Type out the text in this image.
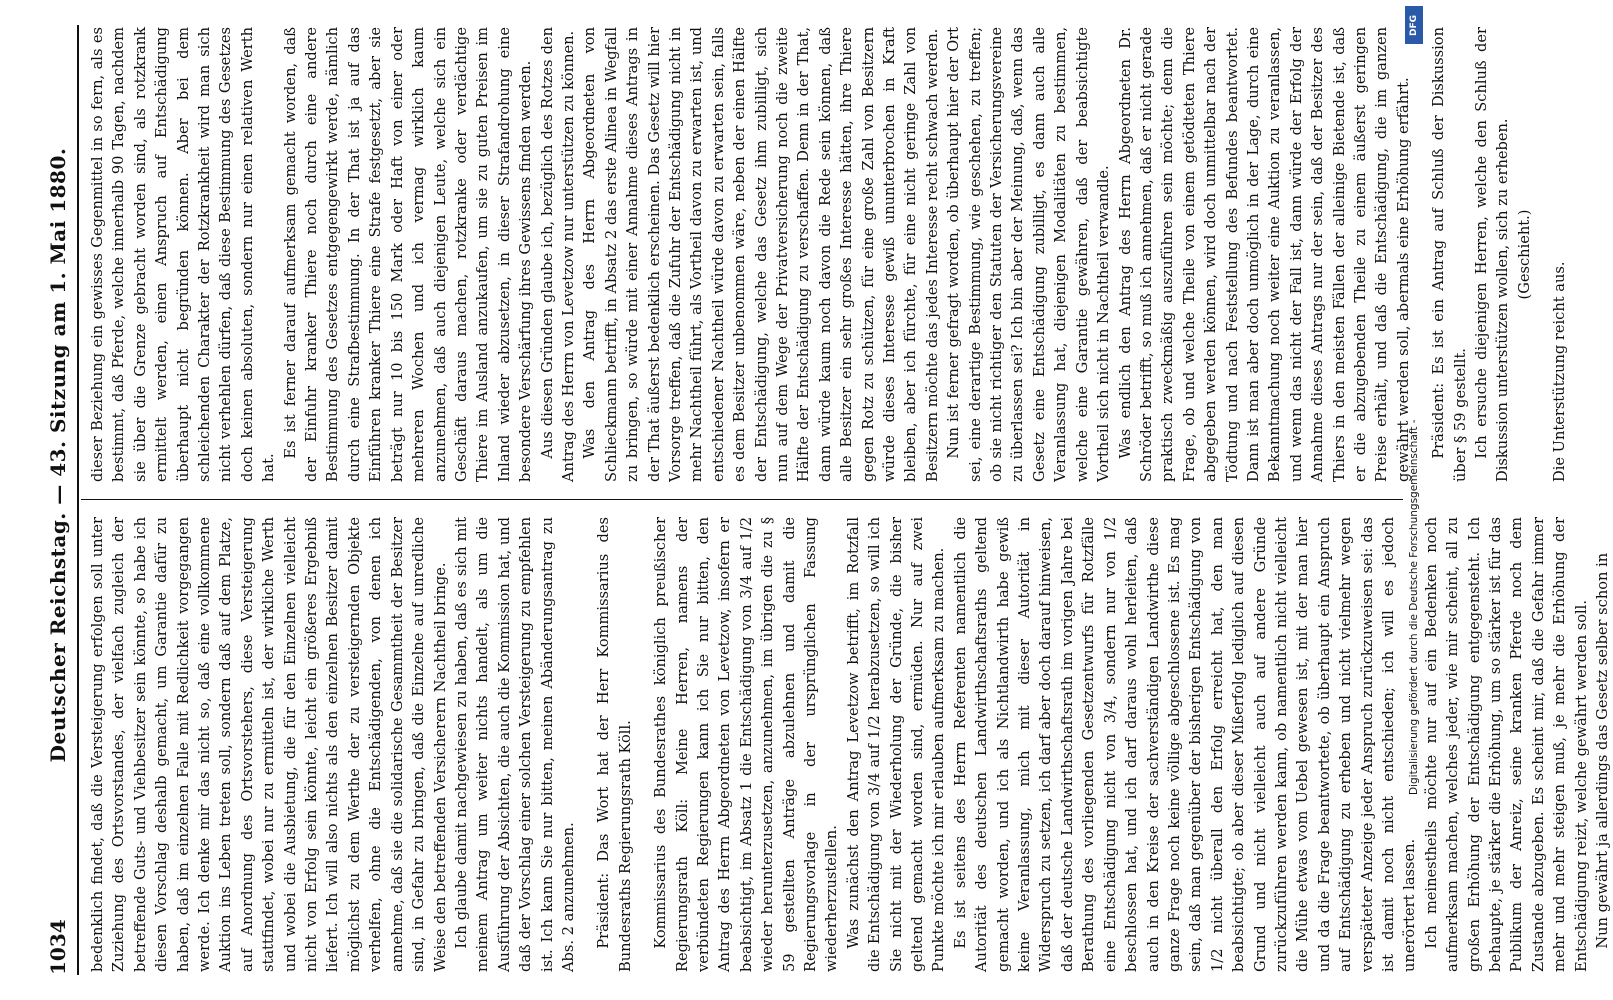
1034
Deutscher Reichstag. — 43. Sitzung am 1. Mai 1880. bedenklich findet, daß die Versteigerung erfolgen soll unter Zuziehung des Ortsvorstandes, der vielfach zugleich der betreffende Guts- und Viehbesitzer sein könnte, so habe ich diesen Vorschlag deshalb gemacht, um Garantie dafür zu haben, daß im einzelnen Falle mit Redlichkeit vorgegangen werde. Ich denke mir das nicht so, daß eine vollkommene Auktion ins Leben treten soll, sondern daß auf dem Platze, auf Anordnung des Ortsvorstehers, diese Versteigerung stattfindet, wobei nur zu ermitteln ist, der wirkliche Werth und wobei die Ausbietung, die für den Einzelnen vielleicht nicht von Erfolg sein könnte, leicht ein größeres Ergebniß liefert. Ich will also nichts als den einzelnen Besitzer damit möglichst zu dem Werthe der zu versteigernden Objekte verhelfen, ohne die Entschädigenden, von denen ich annehme, daß sie die solidarische Gesammtheit der Besitzer sind, in Gefahr zu bringen, daß die Einzelne auf unredliche Weise den betreffenden Versicherern Nachtheil bringe. Ich glaube damit nachgewiesen zu haben, daß es sich mit meinem Antrag um weiter nichts handelt, als um die Ausführung der Absichten, die auch die Kommission hat, und daß der Vorschlag einer solchen Versteigerung zu empfehlen ist. Ich kann Sie nur bitten, meinen Abänderungsantrag zu Abs. 2 anzunehmen. Präsident: Das Wort hat der Herr Kommissarius des Bundesraths Regierungsrath Köll. Kommissarius des Bundesrathes königlich preußischer Regierungsrath Köll: Meine Herren, namens der verbündeten Regierungen kann ich Sie nur bitten, den Antrag des Herrn Abgeordneten von Levetzow, insofern er beabsichtigt, im Absatz 1 die Entschädigung von 3/4 auf 1/2 wieder herunterzusetzen, anzunehmen, im übrigen die zu § 59 gestellten Anträge abzulehnen und damit die Regierungsvorlage in der ursprünglichen Fassung wiederherzustellen. Was zunächst den Antrag Levetzow betrifft, im Rotzfall die Entschädigung von 3/4 auf 1/2 herabzusetzen, so will ich Sie nicht mit der Wiederholung der Gründe, die bisher geltend gemacht worden sind, ermüden. Nur auf zwei Punkte möchte ich mir erlauben aufmerksam zu machen. Es ist seitens des Herrn Referenten namentlich die Autorität des deutschen Landwirthschaftsraths geltend gemacht worden, und ich als Nichtlandwirth habe gewiß keine Veranlassung, mich mit dieser Autorität in Widerspruch zu setzen, ich darf aber doch darauf hinweisen, daß der deutsche Landwirthschaftsrath im vorigen Jahre bei Berathung des vorliegenden Gesetzentwurfs für Rotzfälle eine Entschädigung nicht von 3/4, sondern nur von 1/2 beschlossen hat, und ich darf daraus wohl herleiten, daß auch in den Kreise der sachverständigen Landwirthe diese ganze Frage noch keine völlige abgeschlossene ist. Es mag sein, daß man gegenüber der bisherigen Entschädigung von 1/2 nicht überall den Erfolg erreicht hat, den man beabsichtigte; ob aber dieser Mißerfolg lediglich auf diesen Grund und nicht vielleicht auch auf andere Gründe zurückzuführen werden kann, ob namentlich nicht vielleicht die Mühe etwas vom Uebel gewesen ist, mit der man hier und da die Frage beantwortete, ob überhaupt ein Anspruch auf Entschädigung zu erheben und nicht vielmehr wegen verspäteter Anzeige jeder Anspruch zurückzuweisen sei: das ist damit noch nicht entschieden; ich will es jedoch unerörtert lassen. Ich meinestheils möchte nur auf ein Bedenken noch aufmerksam machen, welches jeder, wie mir scheint, all zu großen Erhöhung der Entschädigung entgegensteht. Ich behaupte, je stärker die Erhöhung, um so stärker ist für das Publikum der Anreiz, seine kranken Pferde noch dem Zustande abzugeben. Es scheint mir, daß die Gefahr immer mehr und mehr steigen muß, je mehr die Erhöhung der Entschädigung reizt, welche gewährt werden soll. Nun gewährt ja allerdings das Gesetz selber schon in

dieser Beziehung ein gewisses Gegenmittel in so fern, als es bestimmt, daß Pferde, welche innerhalb 90 Tagen, nachdem sie über die Grenze gebracht worden sind, als rotzkrank ermittelt werden, einen Anspruch auf Entschädigung überhaupt nicht begründen können. Aber bei dem schleichenden Charakter der Rotzkrankheit wird man sich nicht verhehlen dürfen, daß diese Bestimmung des Gesetzes doch keinen absoluten, sondern nur einen relativen Werth hat.

Es ist ferner darauf aufmerksam gemacht worden, daß der Einfuhr kranker Thiere noch durch eine andere Bestimmung des Gesetzes entgegengewirkt werde, nämlich durch eine Strafbestimmung. In der That ist ja auf das Einführen kranker Thiere eine Strafe festgesetzt, aber sie beträgt nur 10 bis 150 Mark oder Haft von einer oder mehreren Wochen und ich vermag wirklich kaum anzunehmen, daß auch diejenigen Leute, welche sich ein Geschäft daraus machen, rotzkranke oder verdächtige Thiere im Ausland anzukaufen, um sie zu guten Preisen im Inland wieder abzusetzen, in dieser Strafandrohung eine besondere Verschärfung ihres Gewissens finden werden. Aus diesen Gründen glaube ich, bezüglich des Rotzes den Antrag des Herrn von Levetzow nur unterstützen zu können. Was den Antrag des Herrn Abgeordneten von Schlieckmann betrifft, in Absatz 2 das erste Alinea in Wegfall zu bringen, so würde mit einer Annahme dieses Antrags in der That äußerst bedenklich erscheinen. Das Gesetz will hier Vorsorge treffen, daß die Zufuhr der Entschädigung nicht in mehr Nachtheil führt, als Vortheil davon zu erwarten ist, und entschiedener Nachtheil würde davon zu erwarten sein, falls es dem Besitzer unbenommen wäre, neben der einen Hälfte der Entschädigung, welche das Gesetz ihm zubilligt, sich nun auf dem Wege der Privatversicherung noch die zweite Hälfte der Entschädigung zu verschaffen. Denn in der That, dann würde kaum noch davon die Rede sein können, daß alle Besitzer ein sehr großes Interesse hätten, ihre Thiere gegen Rotz zu schützen, für eine große Zahl von Besitzern würde dieses Interesse gewiß ununterbrochen in Kraft bleiben, aber ich fürchte, für eine nicht geringe Zahl von Besitzern möchte das jedes Interesse recht schwach werden. Nun ist ferner gefragt worden, ob überhaupt hier der Ort sei, eine derartige Bestimmung, wie geschehen, zu treffen; ob sie nicht richtiger den Statuten der Versicherungsvereine zu überlassen sei? Ich bin aber der Meinung, daß, wenn das Gesetz eine Entschädigung zubilligt, es dann auch alle Veranlassung hat, diejenigen Modalitäten zu bestimmen, welche eine Garantie gewähren, daß der beabsichtigte Vortheil sich nicht in Nachtheil verwandle. Was endlich den Antrag des Herrn Abgeordneten Dr. Schröder betrifft, so muß ich annehmen, daß er nicht gerade praktisch zweckmäßig auszuführen sein möchte; denn die Frage, ob und welche Theile von einem getödteten Thiere abgegeben werden können, wird doch unmittelbar nach der Tödtung und nach Feststellung des Befundes beantwortet. Dann ist man aber doch unmöglich in der Lage, durch eine Bekanntmachung noch weiter eine Auktion zu veranlassen, und wenn das nicht der Fall ist, dann würde der Erfolg der Annahme dieses Antrags nur der sein, daß der Besitzer des Thiers in den meisten Fällen der alleinige Bietende ist, daß er die abzugebenden Theile zu einem äußerst geringen Preise erhält, und daß die Entschädigung, die im ganzen gewährt werden soll, abermals eine Erhöhung erfährt. Präsident: Es ist ein Antrag auf Schluß der Diskussion über § 59 gestellt. Ich ersuche diejenigen Herren, welche den Schluß der Diskussion unterstützen wollen, sich zu erheben. (Geschieht.)

Die Unterstützung reicht aus.

Digitalisierung gefördert durch die Deutsche Forschungsgemeinschaft -
DFG
